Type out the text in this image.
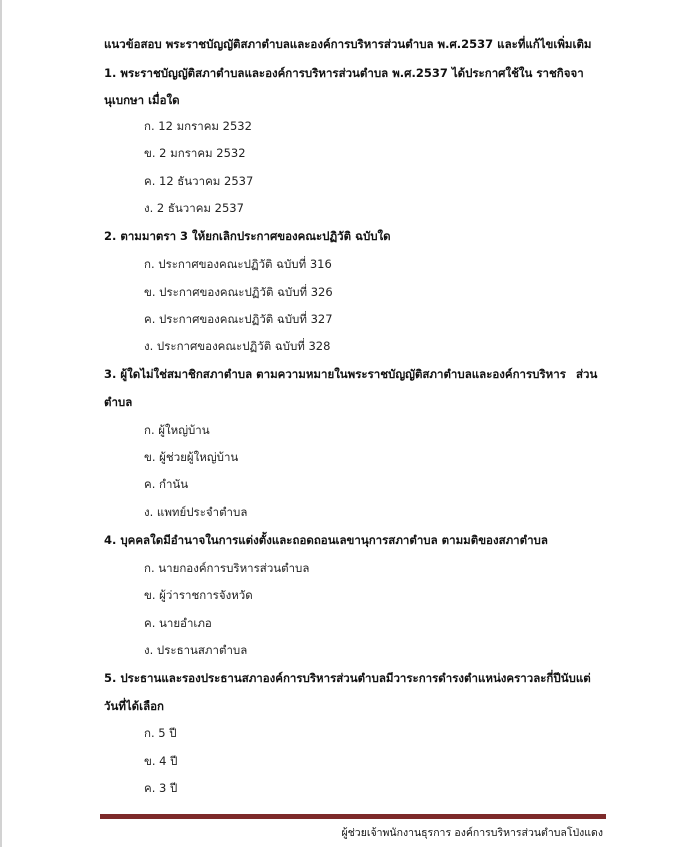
แนวข้อสอบ พระราชบัญญัติสภาตำบลและองค์การบริหารส่วนตำบล พ.ศ.2537 และที่แก้ไขเพิ่มเติม
1. พระราชบัญญัติสภาตำบลและองค์การบริหารส่วนตำบล พ.ศ.2537 ได้ประกาศใช้ใน ราชกิจจา
นุเบกษา เมื่อใด
ก. 12 มกราคม 2532
ข. 2 มกราคม 2532
ค. 12 ธันวาคม 2537
ง. 2 ธันวาคม 2537
2. ตามมาตรา 3 ให้ยกเลิกประกาศของคณะปฏิวัติ ฉบับใด
ก. ประกาศของคณะปฏิวัติ ฉบับที่ 316
ข. ประกาศของคณะปฏิวัติ ฉบับที่ 326
ค. ประกาศของคณะปฏิวัติ ฉบับที่ 327
ง. ประกาศของคณะปฏิวัติ ฉบับที่ 328
3. ผู้ใดไม่ใช่สมาชิกสภาตำบล ตามความหมายในพระราชบัญญัติสภาตำบลและองค์การบริหาร ส่วน
ตำบล
ก. ผู้ใหญ่บ้าน
ข. ผู้ช่วยผู้ใหญ่บ้าน
ค. กำนัน
ง. แพทย์ประจำตำบล
4. บุคคลใดมีอำนาจในการแต่งตั้งและถอดถอนเลขานุการสภาตำบล ตามมติของสภาตำบล
ก. นายกองค์การบริหารส่วนตำบล
ข. ผู้ว่าราชการจังหวัด
ค. นายอำเภอ
ง. ประธานสภาตำบล
5. ประธานและรองประธานสภาองค์การบริหารส่วนตำบลมีวาระการดำรงตำแหน่งคราวละกี่ปีนับแต่
วันที่ได้เลือก
ก. 5 ปี
ข. 4 ปี
ค. 3 ปี
ผู้ช่วยเจ้าพนักงานธุรการ องค์การบริหารส่วนตำบลโป่งแดง
